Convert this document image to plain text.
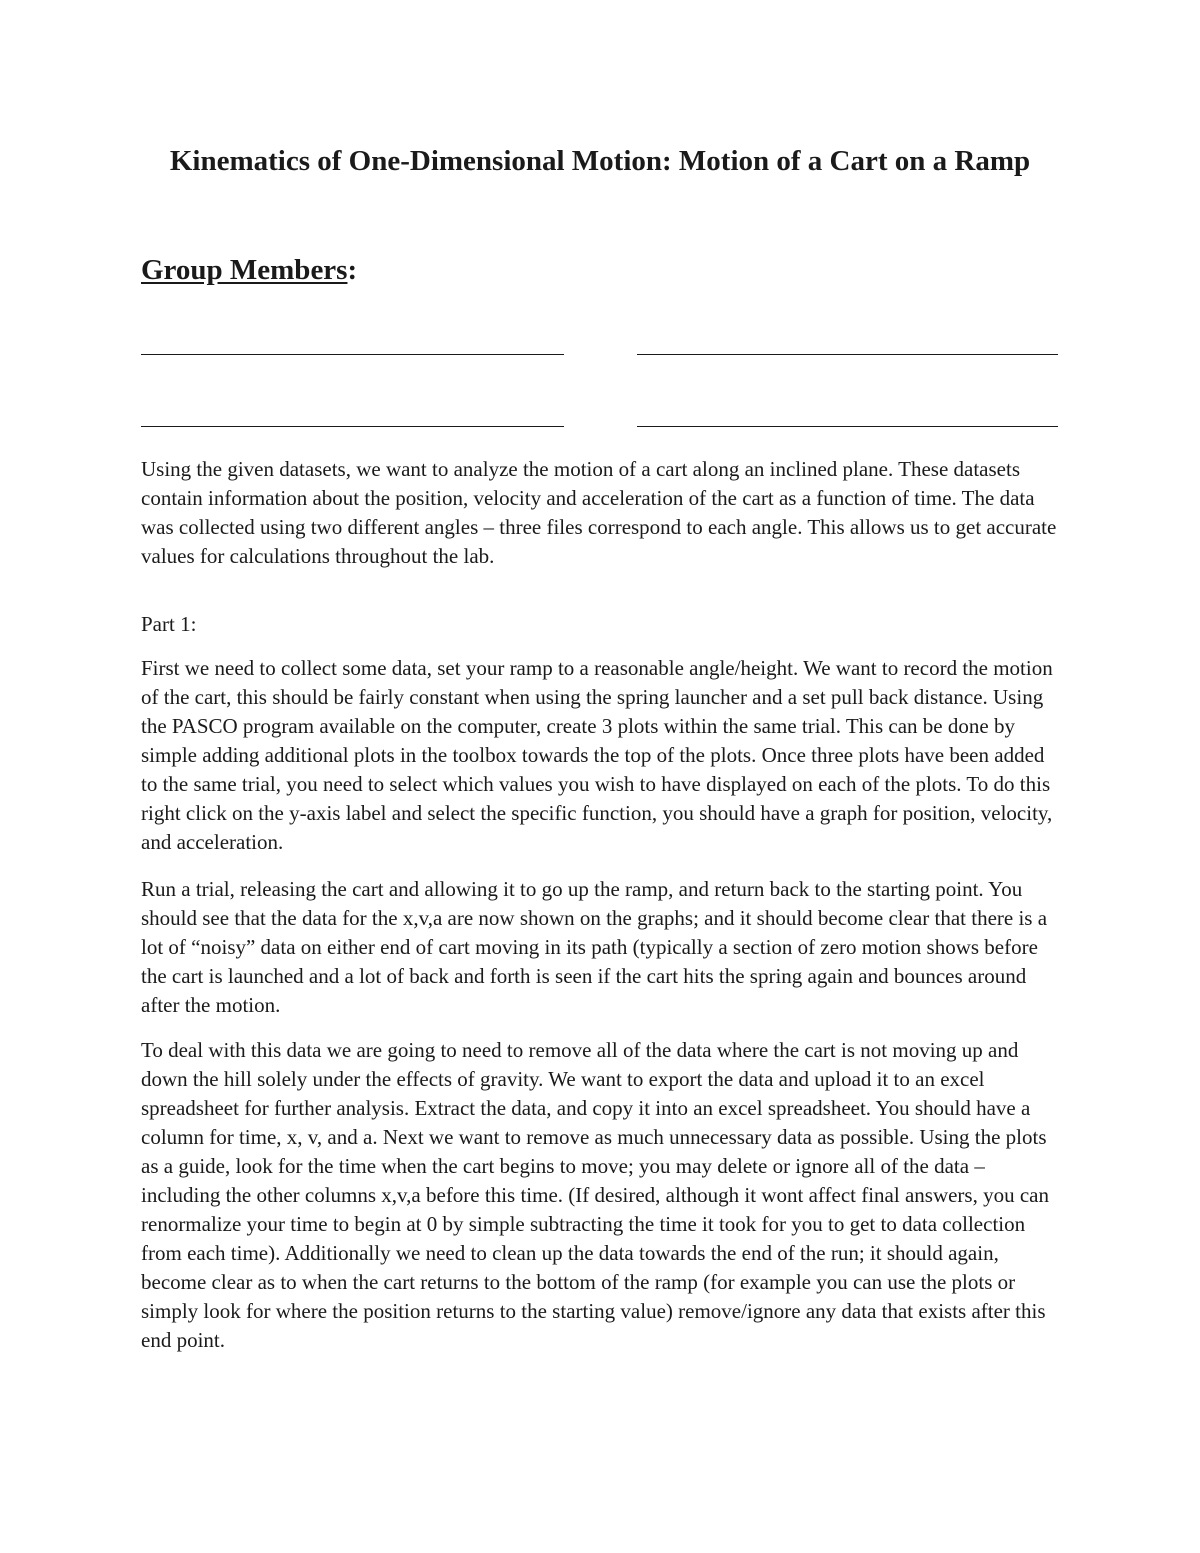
Kinematics of One-Dimensional Motion: Motion of a Cart on a Ramp
Group Members:

Using the given datasets, we want to analyze the motion of a cart along an inclined plane. These datasets contain information about the position, velocity and acceleration of the cart as a function of time. The data was collected using two different angles – three files correspond to each angle. This allows us to get accurate values for calculations throughout the lab.

Part 1:

First we need to collect some data, set your ramp to a reasonable angle/height. We want to record the motion of the cart, this should be fairly constant when using the spring launcher and a set pull back distance. Using the PASCO program available on the computer, create 3 plots within the same trial. This can be done by simple adding additional plots in the toolbox towards the top of the plots. Once three plots have been added to the same trial, you need to select which values you wish to have displayed on each of the plots. To do this right click on the y-axis label and select the specific function, you should have a graph for position, velocity, and acceleration.

Run a trial, releasing the cart and allowing it to go up the ramp, and return back to the starting point. You should see that the data for the x,v,a are now shown on the graphs; and it should become clear that there is a lot of “noisy” data on either end of cart moving in its path (typically a section of zero motion shows before the cart is launched and a lot of back and forth is seen if the cart hits the spring again and bounces around after the motion.

To deal with this data we are going to need to remove all of the data where the cart is not moving up and down the hill solely under the effects of gravity. We want to export the data and upload it to an excel spreadsheet for further analysis. Extract the data, and copy it into an excel spreadsheet. You should have a column for time, x, v, and a. Next we want to remove as much unnecessary data as possible. Using the plots as a guide, look for the time when the cart begins to move; you may delete or ignore all of the data – including the other columns x,v,a before this time. (If desired, although it wont affect final answers, you can renormalize your time to begin at 0 by simple subtracting the time it took for you to get to data collection from each time). Additionally we need to clean up the data towards the end of the run; it should again, become clear as to when the cart returns to the bottom of the ramp (for example you can use the plots or simply look for where the position returns to the starting value) remove/ignore any data that exists after this end point.
